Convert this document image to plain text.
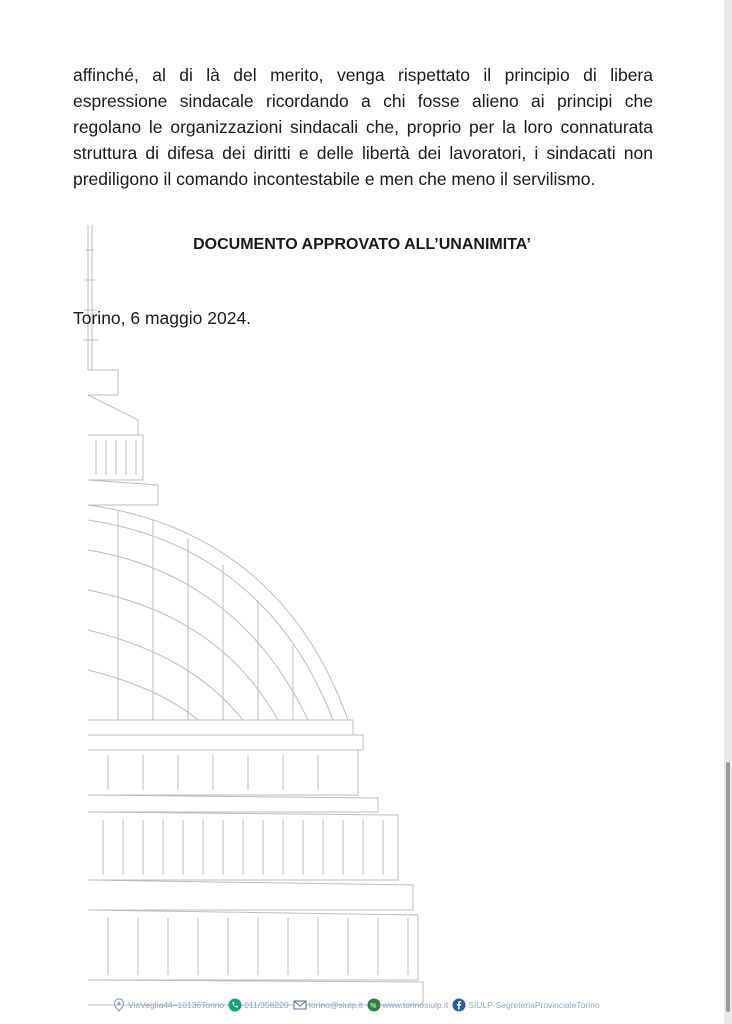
affinché, al di là del merito, venga rispettato il principio di libera espressione sindacale ricordando a chi fosse alieno ai principi che regolano le organizzazioni sindacali che, proprio per la loro connaturata struttura di difesa dei diritti e delle libertà dei lavoratori, i sindacati non prediligono il comando incontestabile e men che meno il servilismo.

DOCUMENTO APPROVATO ALL’UNANIMITA’

Torino, 6 maggio 2024.

ViaVeglia44–10136Torino 011/356220 torino@siulp.it www.torinosiulp.it SIULP-SegreteriaProvincialeTorino
